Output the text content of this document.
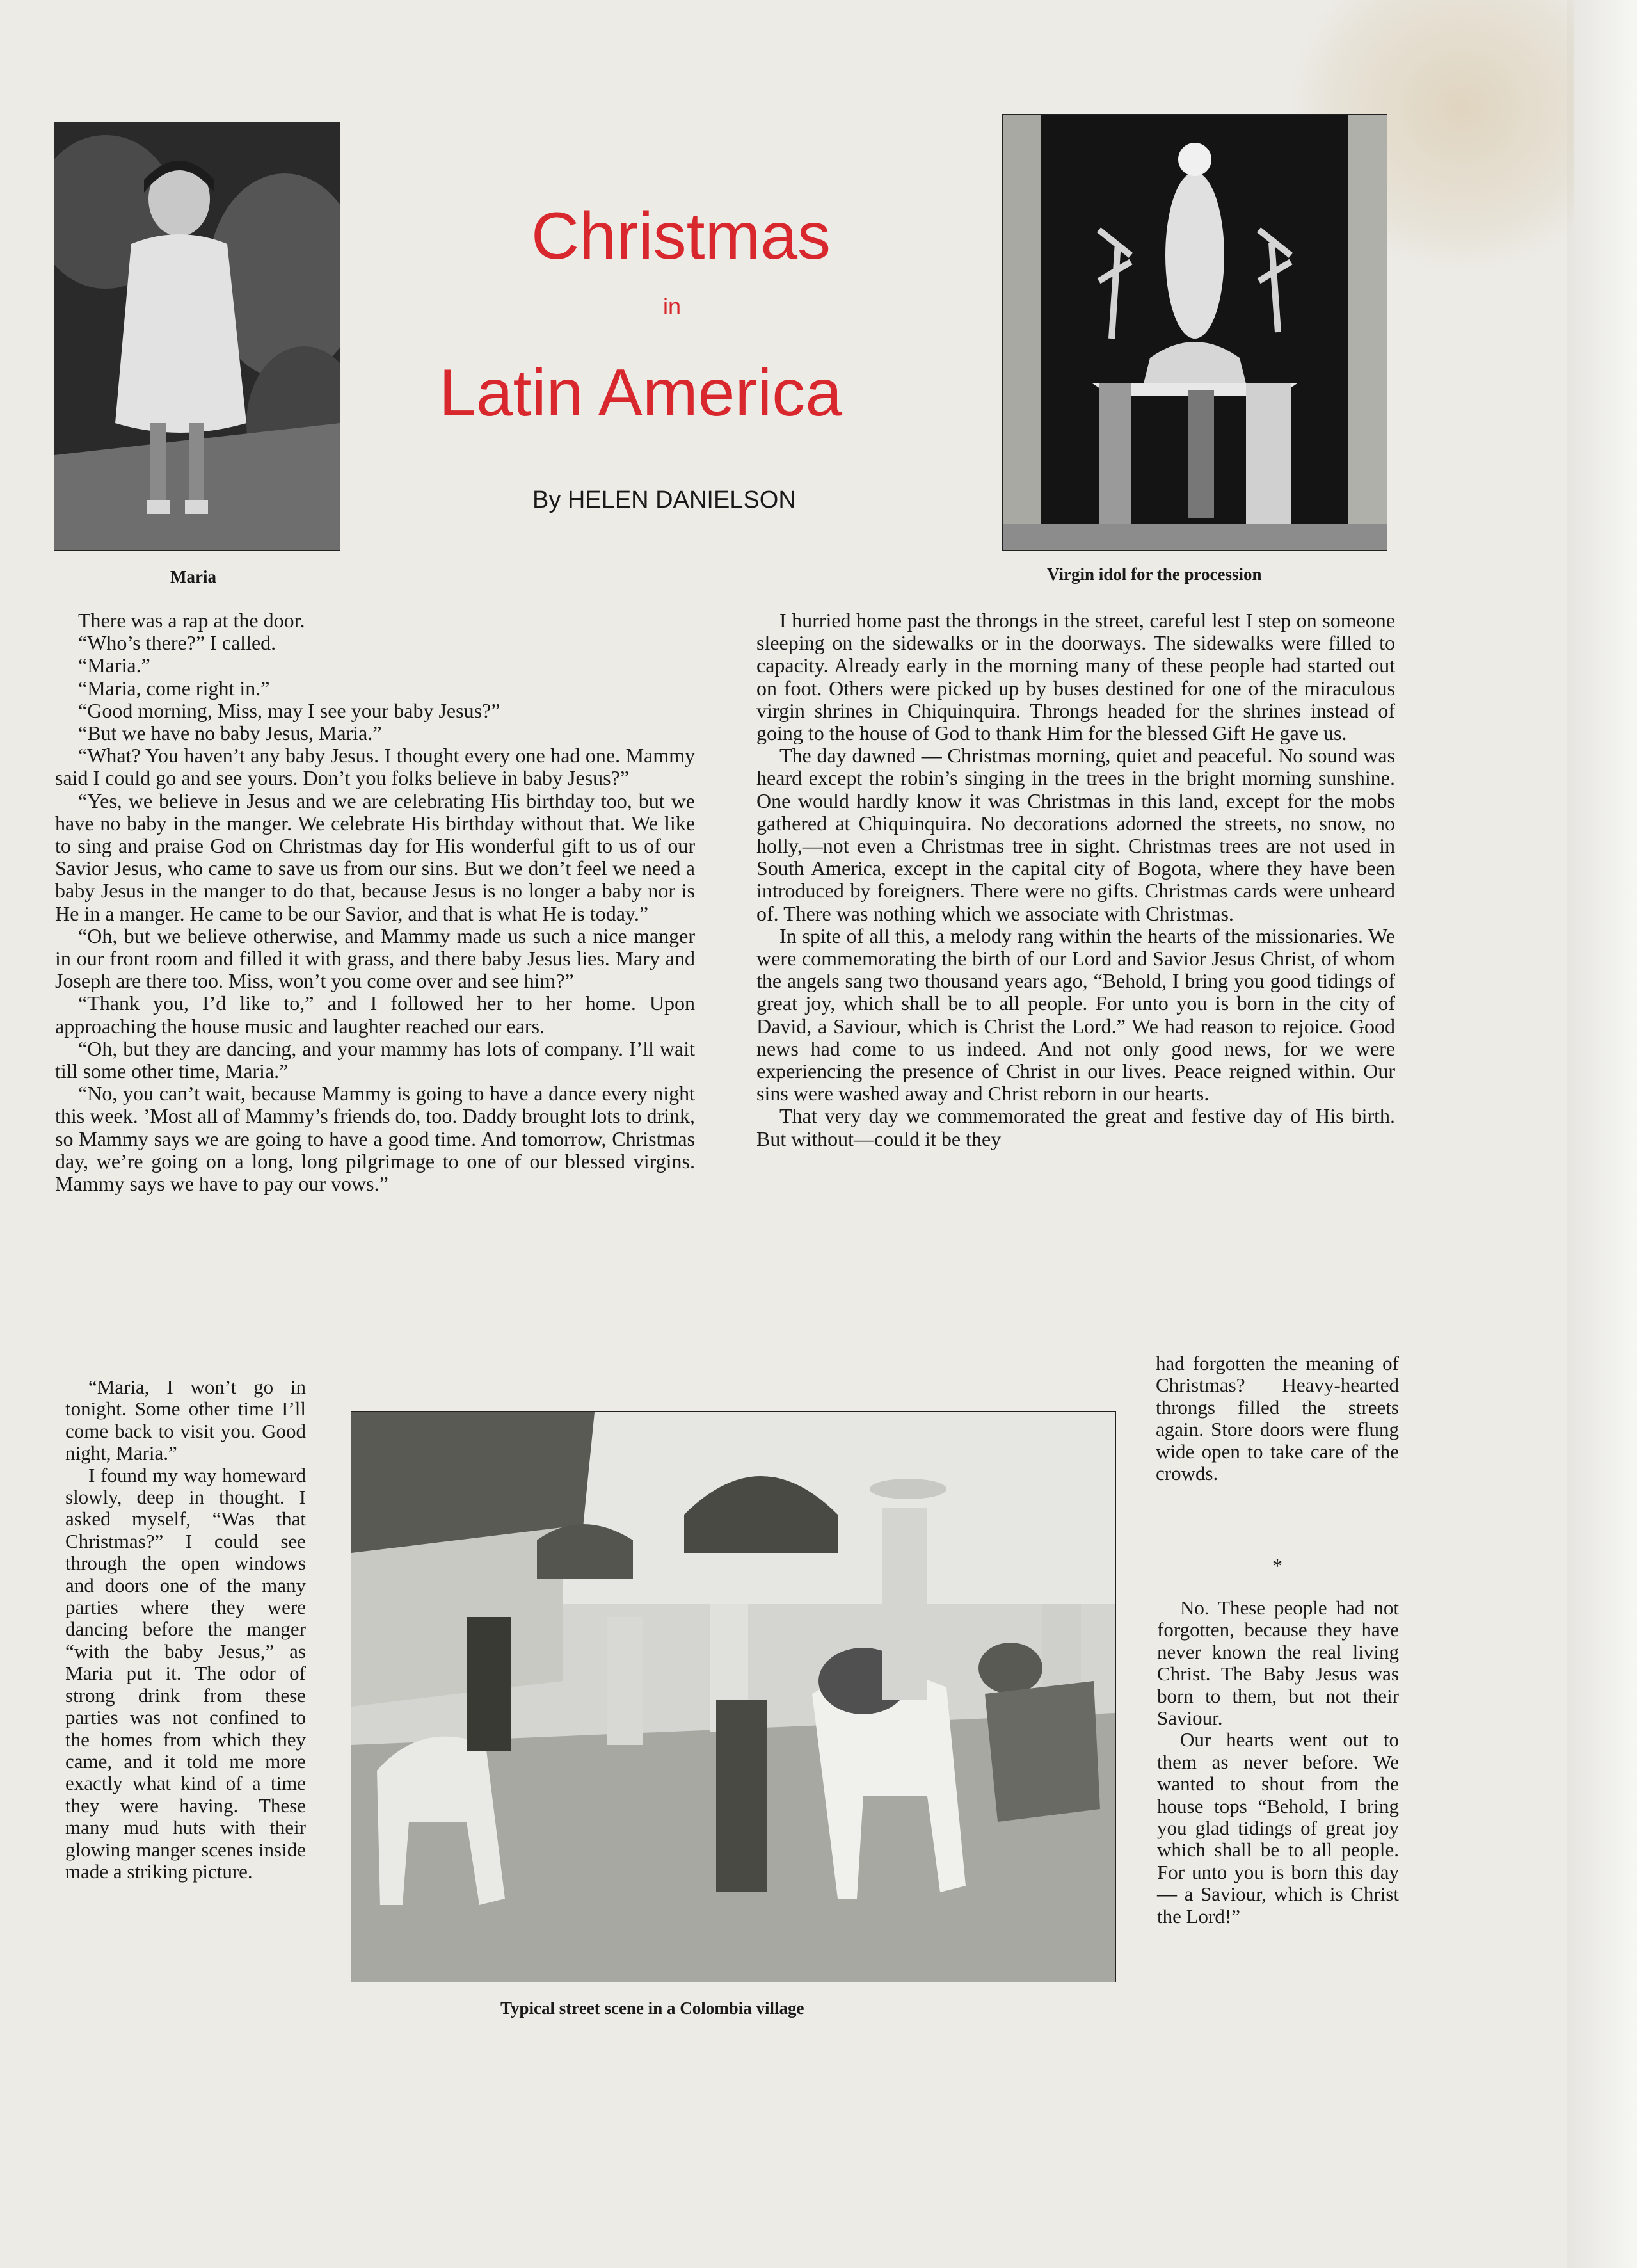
Maria	Virgin idol for the procession
Christmas
in
Latin America
By HELEN DANIELSON

There was a rap at the door.

“Who’s there?” I called.

“Maria.”

“Maria, come right in.”

“Good morning, Miss, may I see your baby Jesus?”

“But we have no baby Jesus, Maria.”

“What? You haven’t any baby Jesus. I thought every one had one. Mammy said I could go and see yours. Don’t you folks believe in baby Jesus?”

“Yes, we believe in Jesus and we are celebrating His birthday too, but we have no baby in the manger. We celebrate His birthday without that. We like to sing and praise God on Christmas day for His wonderful gift to us of our Savior Jesus, who came to save us from our sins. But we don’t feel we need a baby Jesus in the manger to do that, because Jesus is no longer a baby nor is He in a manger. He came to be our Savior, and that is what He is today.”

“Oh, but we believe otherwise, and Mammy made us such a nice manger in our front room and filled it with grass, and there baby Jesus lies. Mary and Joseph are there too. Miss, won’t you come over and see him?”

“Thank you, I’d like to,” and I followed her to her home. Upon approaching the house music and laughter reached our ears.

“Oh, but they are dancing, and your mammy has lots of company. I’ll wait till some other time, Maria.”

“No, you can’t wait, because Mammy is going to have a dance every night this week. ’Most all of Mammy’s friends do, too. Daddy brought lots to drink, so Mammy says we are going to have a good time. And tomorrow, Christmas day, we’re going on a long, long pilgrimage to one of our blessed virgins. Mammy says we have to pay our vows.”

“Maria, I won’t go in tonight. Some other time I’ll come back to visit you. Good night, Maria.”

I found my way homeward slowly, deep in thought. I asked myself, “Was that Christmas?” I could see through the open windows and doors one of the many parties where they were dancing before the manger “with the baby Jesus,” as Maria put it. The odor of strong drink from these parties was not confined to the homes from which they came, and it told me more exactly what kind of a time they were having. These many mud huts with their glowing manger scenes inside made a striking picture.

Typical street scene in a Colombia village

I hurried home past the throngs in the street, careful lest I step on someone sleeping on the sidewalks or in the doorways. The sidewalks were filled to capacity. Already early in the morning many of these people had started out on foot. Others were picked up by buses destined for one of the miraculous virgin shrines in Chiquinquira. Throngs headed for the shrines instead of going to the house of God to thank Him for the blessed Gift He gave us.

The day dawned — Christmas morning, quiet and peaceful. No sound was heard except the robin’s singing in the trees in the bright morning sunshine. One would hardly know it was Christmas in this land, except for the mobs gathered at Chiquinquira. No decorations adorned the streets, no snow, no holly,—not even a Christmas tree in sight. Christmas trees are not used in South America, except in the capital city of Bogota, where they have been introduced by foreigners. There were no gifts. Christmas cards were unheard of. There was nothing which we associate with Christmas.

In spite of all this, a melody rang within the hearts of the missionaries. We were commemorating the birth of our Lord and Savior Jesus Christ, of whom the angels sang two thousand years ago, “Behold, I bring you good tidings of great joy, which shall be to all people. For unto you is born in the city of David, a Saviour, which is Christ the Lord.” We had reason to rejoice. Good news had come to us indeed. And not only good news, for we were experiencing the presence of Christ in our lives. Peace reigned within. Our sins were washed away and Christ reborn in our hearts.

That very day we commemorated the great and festive day of His birth. But without—could it be they

had forgotten the meaning of Christmas? Heavy-hearted throngs filled the streets again. Store doors were flung wide open to take care of the crowds.

*

No. These people had not forgotten, because they have never known the real living Christ. The Baby Jesus was born to them, but not their Saviour.

Our hearts went out to them as never before. We wanted to shout from the house tops “Behold, I bring you glad tidings of great joy which shall be to all people. For unto you is born this day — a Saviour, which is Christ the Lord!”
